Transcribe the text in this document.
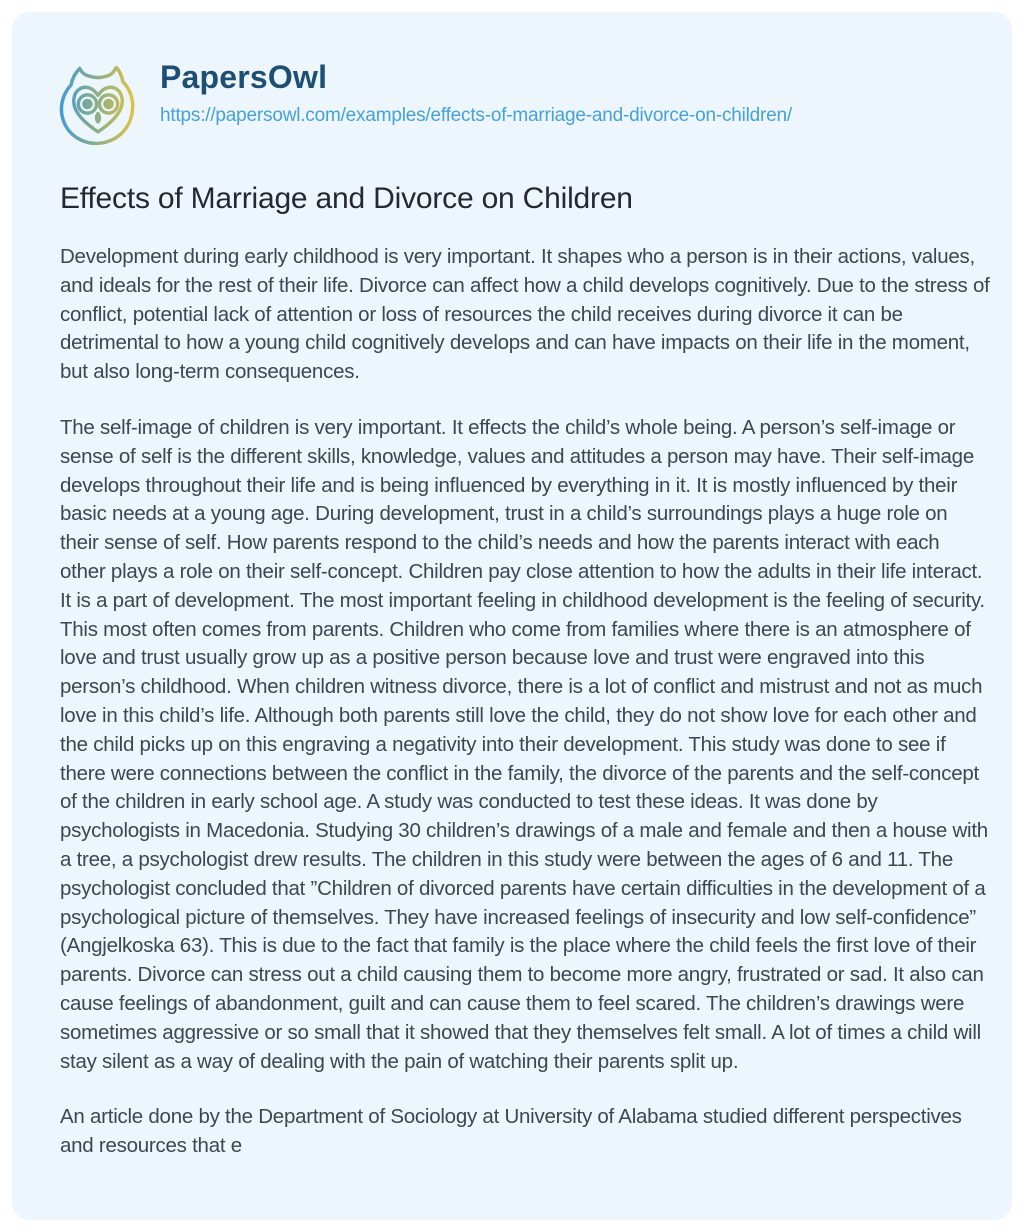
PapersOwl
https://papersowl.com/examples/effects-of-marriage-and-divorce-on-children/
Effects of Marriage and Divorce on Children

Development during early childhood is very important. It shapes who a person is in their actions, values, and ideals for the rest of their life. Divorce can affect how a child develops cognitively. Due to the stress of conflict, potential lack of attention or loss of resources the child receives during divorce it can be detrimental to how a young child cognitively develops and can have impacts on their life in the moment, but also long-term consequences.

The self-image of children is very important. It effects the child’s whole being. A person’s self-image or sense of self is the different skills, knowledge, values and attitudes a person may have. Their self-image develops throughout their life and is being influenced by everything in it. It is mostly influenced by their basic needs at a young age. During development, trust in a child’s surroundings plays a huge role on their sense of self. How parents respond to the child’s needs and how the parents interact with each other plays a role on their self-concept. Children pay close attention to how the adults in their life interact. It is a part of development. The most important feeling in childhood development is the feeling of security. This most often comes from parents. Children who come from families where there is an atmosphere of love and trust usually grow up as a positive person because love and trust were engraved into this person’s childhood. When children witness divorce, there is a lot of conflict and mistrust and not as much love in this child’s life. Although both parents still love the child, they do not show love for each other and the child picks up on this engraving a negativity into their development. This study was done to see if there were connections between the conflict in the family, the divorce of the parents and the self-concept of the children in early school age. A study was conducted to test these ideas. It was done by psychologists in Macedonia. Studying 30 children’s drawings of a male and female and then a house with a tree, a psychologist drew results. The children in this study were between the ages of 6 and 11. The psychologist concluded that ”Children of divorced parents have certain difficulties in the development of a psychological picture of themselves. They have increased feelings of insecurity and low self-confidence” (Angjelkoska 63). This is due to the fact that family is the place where the child feels the first love of their parents. Divorce can stress out a child causing them to become more angry, frustrated or sad. It also can cause feelings of abandonment, guilt and can cause them to feel scared. The children’s drawings were sometimes aggressive or so small that it showed that they themselves felt small. A lot of times a child will stay silent as a way of dealing with the pain of watching their parents split up.

An article done by the Department of Sociology at University of Alabama studied different perspectives and resources that e
